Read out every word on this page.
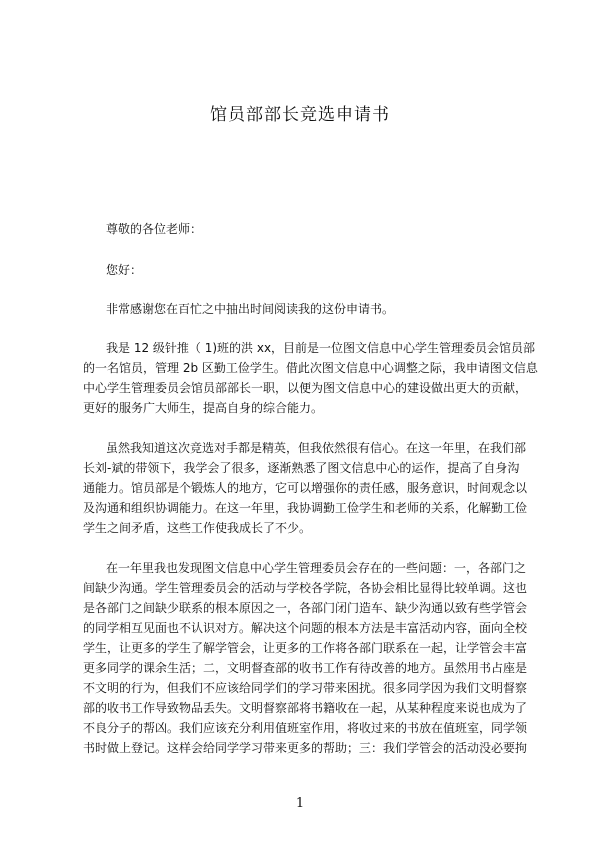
馆员部部长竞选申请书
尊敬的各位老师：
您好：
非常感谢您在百忙之中抽出时间阅读我的这份申请书。
我是 12 级针推（ 1)班的洪 xx，目前是一位图文信息中心学生管理委员会馆员部
的一名馆员，管理 2b 区勤工俭学生。借此次图文信息中心调整之际，我申请图文信息
中心学生管理委员会馆员部部长一职，以便为图文信息中心的建设做出更大的贡献，
更好的服务广大师生，提高自身的综合能力。
虽然我知道这次竞选对手都是精英，但我依然很有信心。在这一年里，在我们部
长刘-斌的带领下，我学会了很多，逐渐熟悉了图文信息中心的运作，提高了自身沟
通能力。馆员部是个锻炼人的地方，它可以增强你的责任感，服务意识，时间观念以
及沟通和组织协调能力。在这一年里，我协调勤工俭学生和老师的关系，化解勤工俭
学生之间矛盾，这些工作使我成长了不少。
在一年里我也发现图文信息中心学生管理委员会存在的一些问题：一，各部门之
间缺少沟通。学生管理委员会的活动与学校各学院，各协会相比显得比较单调。这也
是各部门之间缺少联系的根本原因之一，各部门闭门造车、缺少沟通以致有些学管会
的同学相互见面也不认识对方。解决这个问题的根本方法是丰富活动内容，面向全校
学生，让更多的学生了解学管会，让更多的工作将各部门联系在一起，让学管会丰富
更多同学的课余生活；二，文明督查部的收书工作有待改善的地方。虽然用书占座是
不文明的行为，但我们不应该给同学们的学习带来困扰。很多同学因为我们文明督察
部的收书工作导致物品丢失。文明督察部将书籍收在一起，从某种程度来说也成为了
不良分子的帮凶。我们应该充分利用值班室作用，将收过来的书放在值班室，同学领
书时做上登记。这样会给同学学习带来更多的帮助；三：我们学管会的活动没必要拘
1
